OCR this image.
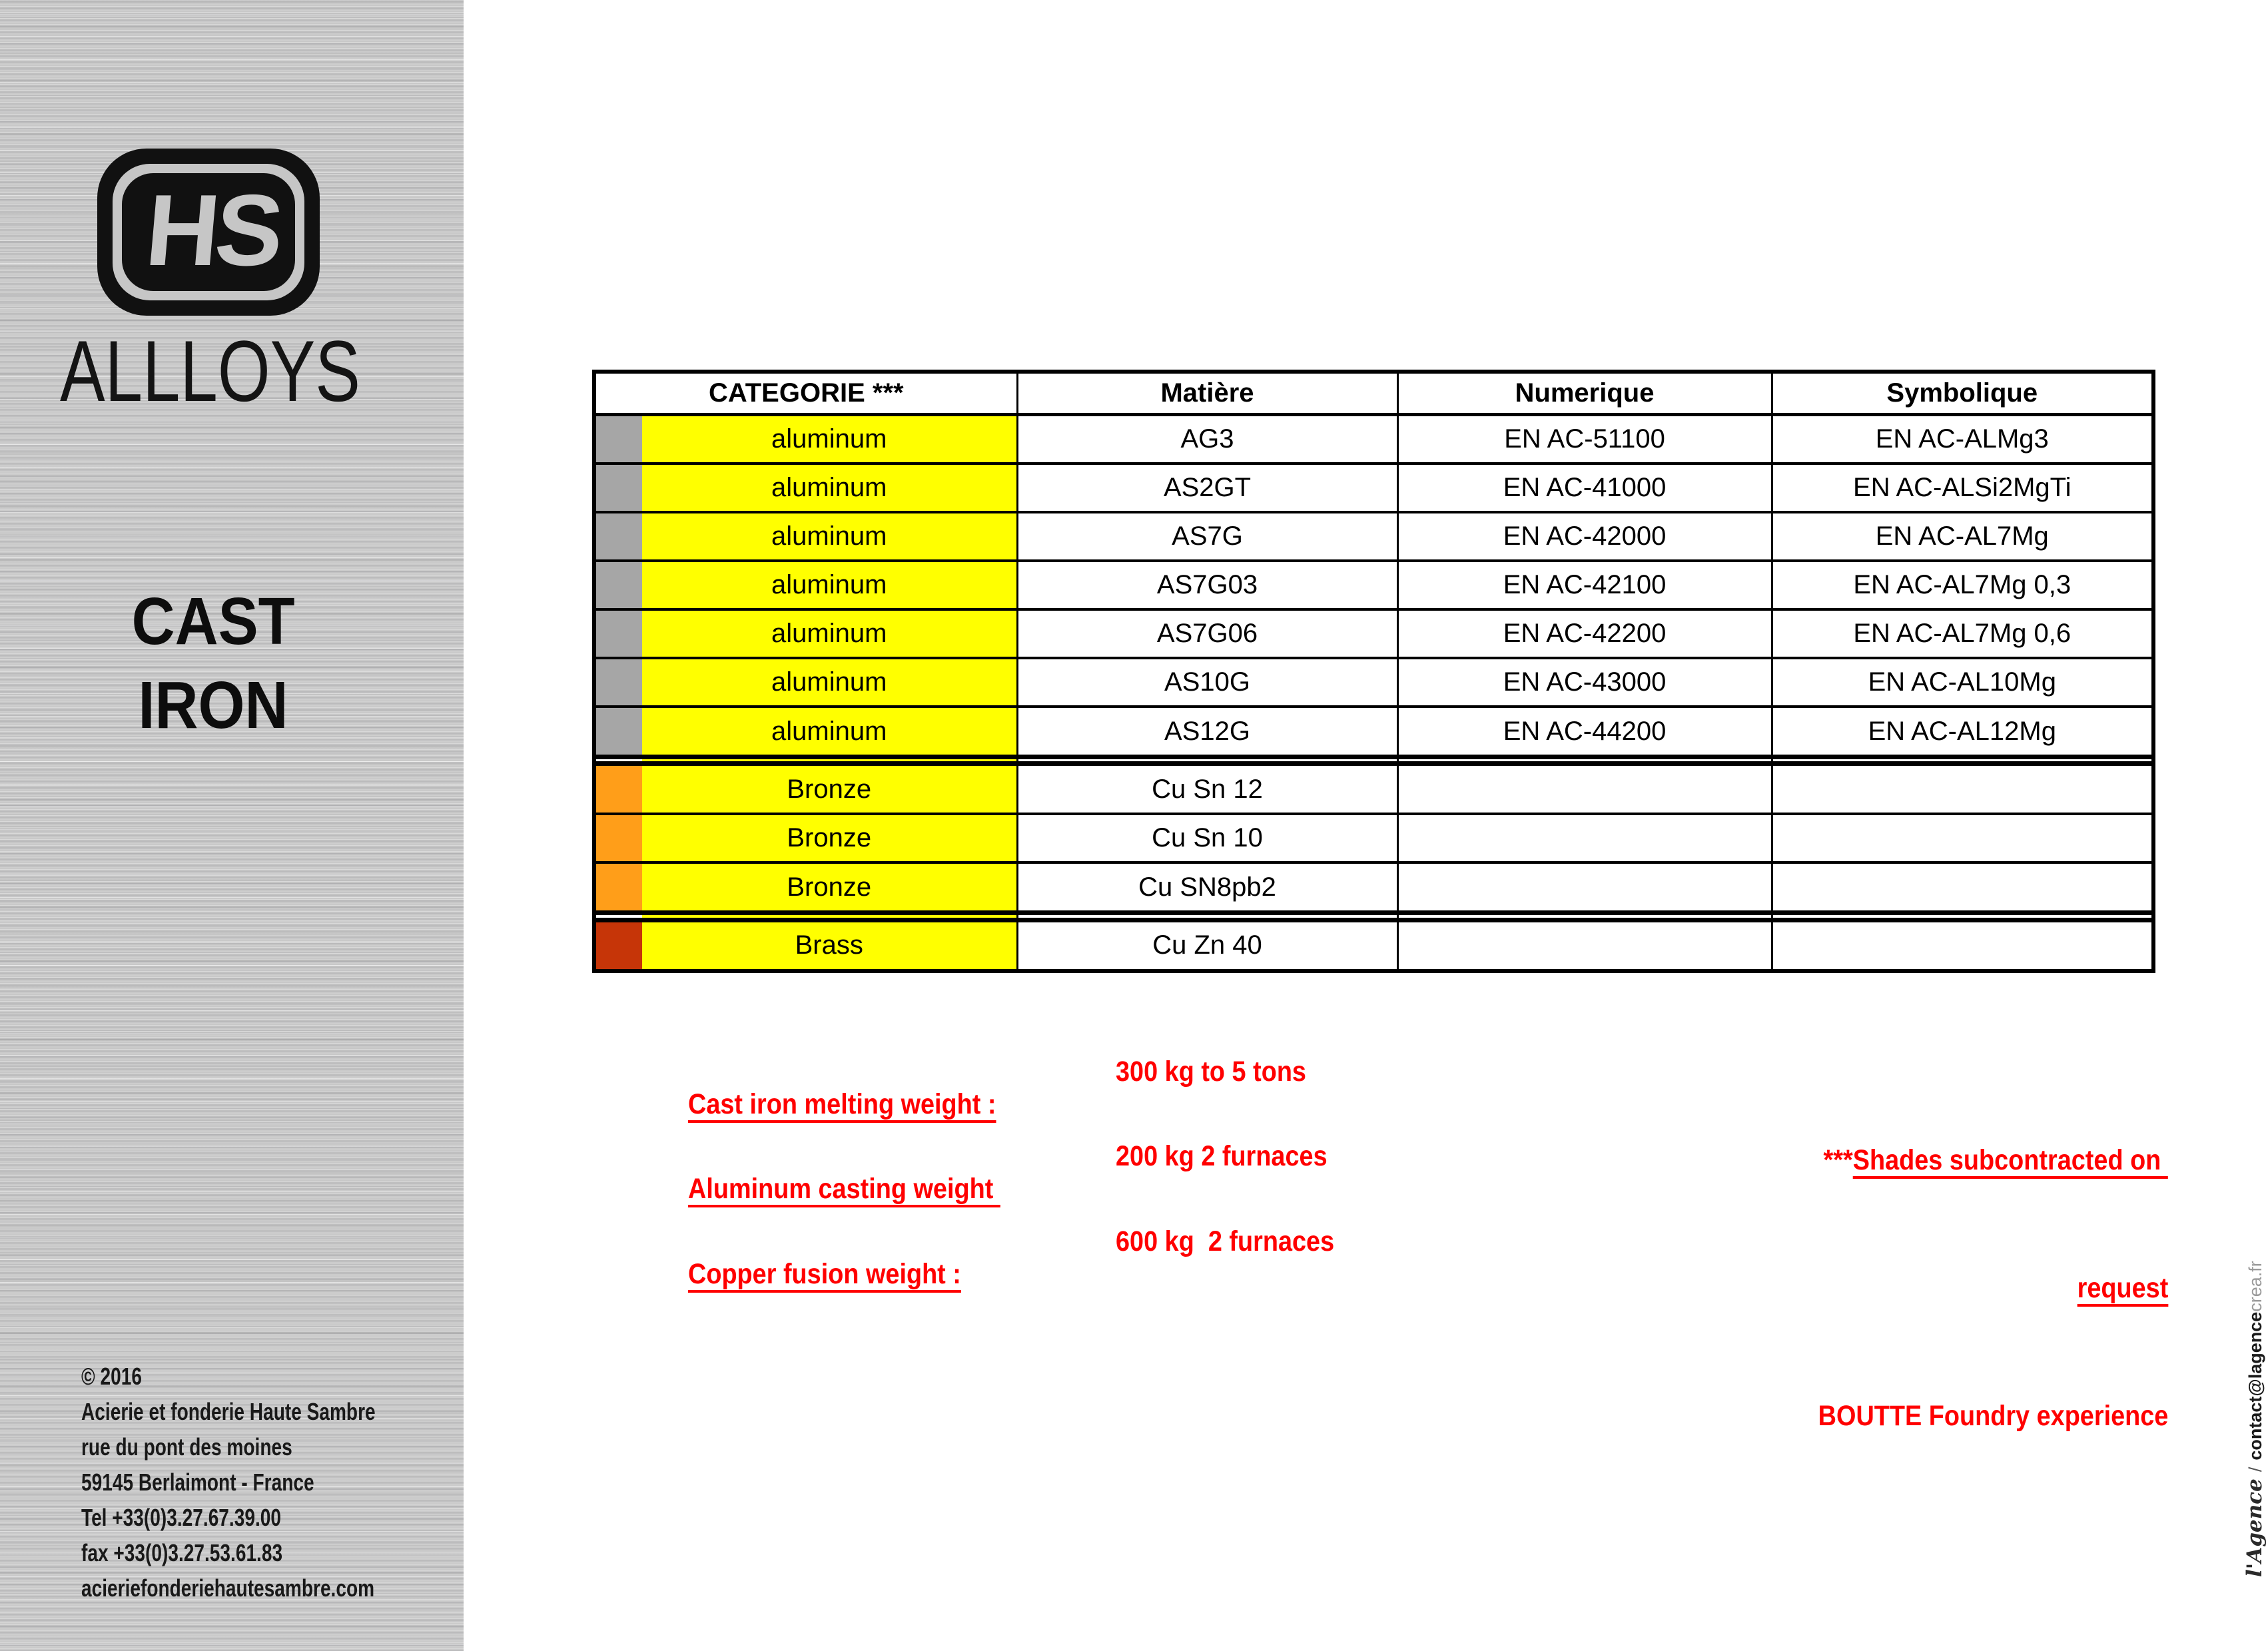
HS
ALLLOYS
CAST
IRON
© 2016
Acierie et fonderie Haute Sambre
rue du pont des moines
59145 Berlaimont - France
Tel +33(0)3.27.67.39.00
fax +33(0)3.27.53.61.83
acieriefonderiehautesambre.com
CATEGORIE ***		Matière	Numerique	Symbolique
	aluminum	AG3	EN AC-51100	EN AC-ALMg3
	aluminum	AS2GT	EN AC-41000	EN AC-ALSi2MgTi
	aluminum	AS7G	EN AC-42000	EN AC-AL7Mg
	aluminum	AS7G03	EN AC-42100	EN AC-AL7Mg 0,3
	aluminum	AS7G06	EN AC-42200	EN AC-AL7Mg 0,6
	aluminum	AS10G	EN AC-43000	EN AC-AL10Mg
	aluminum	AS12G	EN AC-44200	EN AC-AL12Mg

	Bronze	Cu Sn 12		
	Bronze	Cu Sn 10		
	Bronze	Cu SN8pb2		

	Brass	Cu Zn 40		

Cast iron melting weight :

300 kg to 5 tons

Aluminum casting weight

200 kg 2 furnaces

Copper fusion weight :

600 kg  2 furnaces

***Shades subcontracted on

request

BOUTTE Foundry experience

l'Agence/contact@lagencecrea.fr
